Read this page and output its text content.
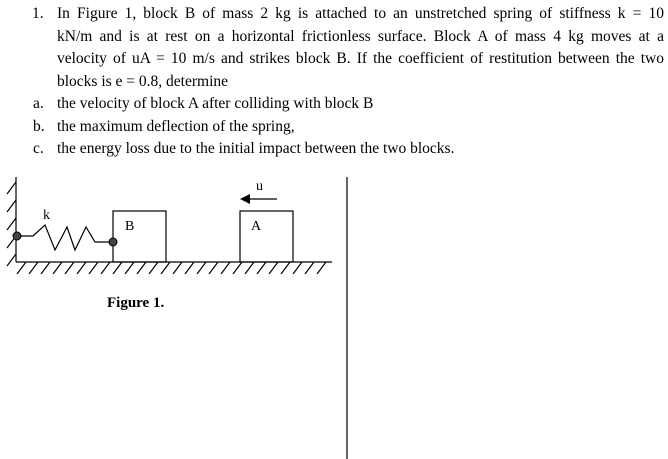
1. In Figure 1, block B of mass 2 kg is attached to an unstretched spring of stiffness k = 10
kN/m and is at rest on a horizontal frictionless surface. Block A of mass 4 kg moves at a
velocity of uA = 10 m/s and strikes block B. If the coefficient of restitution between the two
blocks is e = 0.8, determine
a. the velocity of block A after colliding with block B
b. the maximum deflection of the spring,
c. the energy loss due to the initial impact between the two blocks.
k
B	A
u
Figure 1.
